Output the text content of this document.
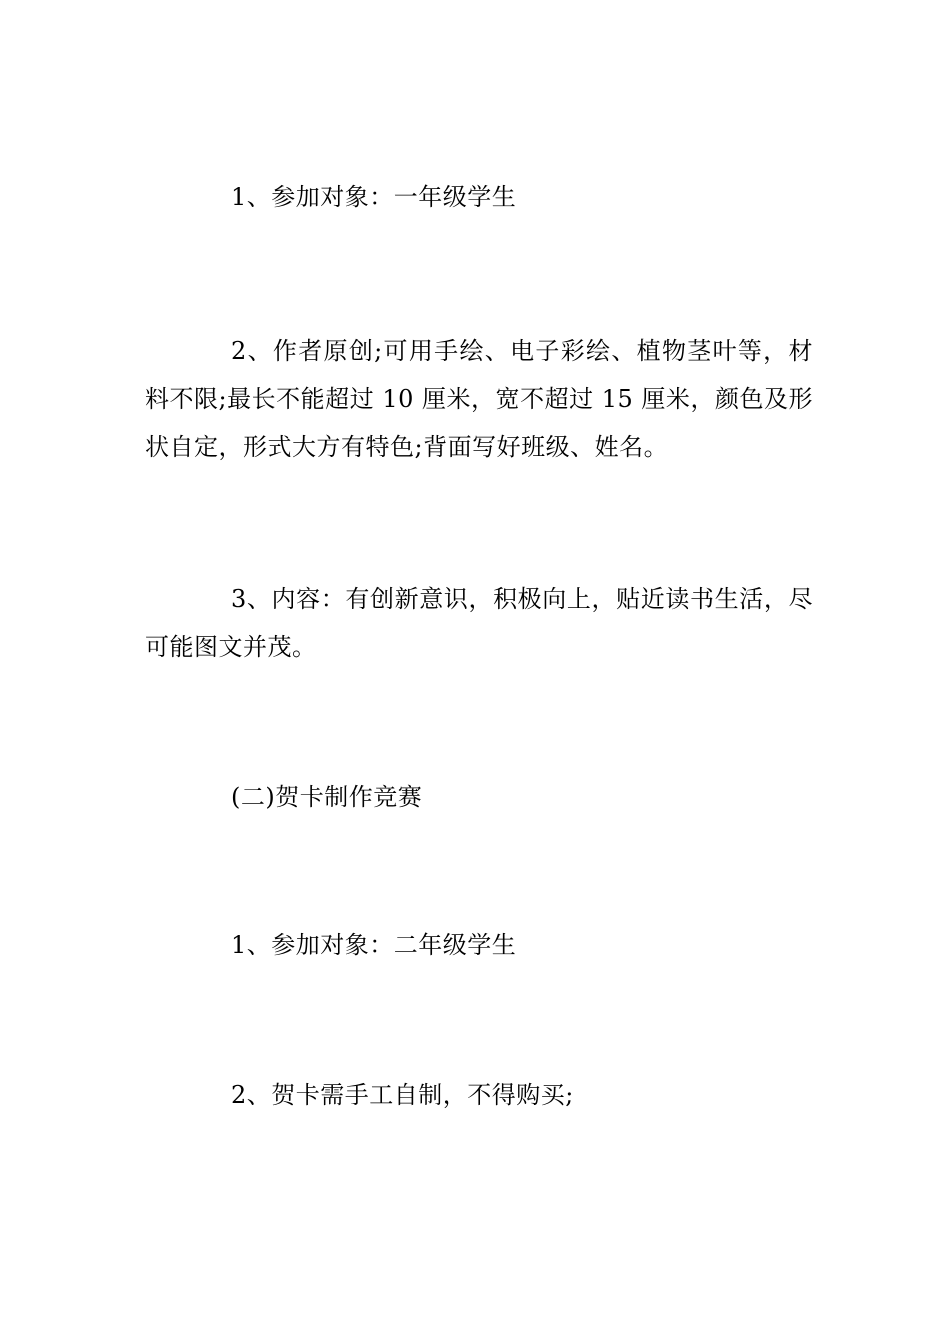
1、参加对象：一年级学生

2、作者原创;可用手绘、电子彩绘、植物茎叶等，材料不限;最长不能超过 10 厘米，宽不超过 15 厘米，颜色及形状自定，形式大方有特色;背面写好班级、姓名。

3、内容：有创新意识，积极向上，贴近读书生活，尽可能图文并茂。

(二)贺卡制作竞赛

1、参加对象：二年级学生

2、贺卡需手工自制，不得购买;
